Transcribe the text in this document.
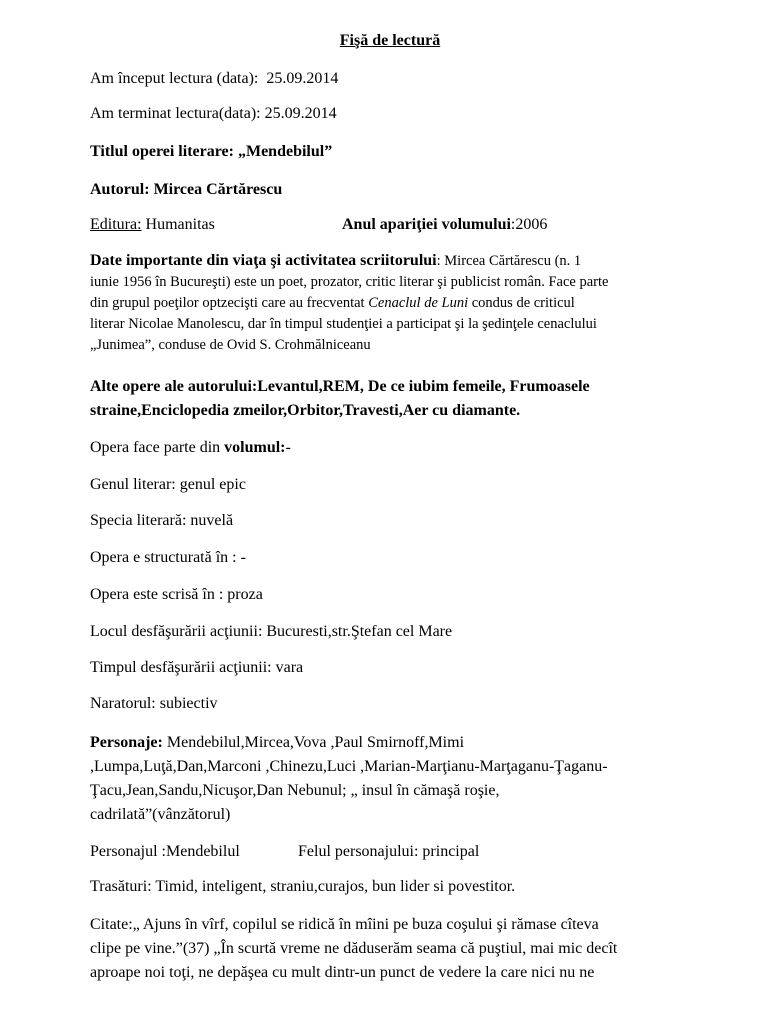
Fişă de lectură
Am început lectura (data): 25.09.2014
Am terminat lectura(data): 25.09.2014
Titlul operei literare: „Mendebilul”
Autorul: Mircea Cărtărescu
Editura: Humanitas	Anul apariţiei volumului:2006
Date importante din viaţa şi activitatea scriitorului: Mircea Cărtărescu (n. 1
iunie 1956 în Bucureşti) este un poet, prozator, critic literar şi publicist român. Face parte
din grupul poeţilor optzecişti care au frecventat Cenaclul de Luni condus de criticul
literar Nicolae Manolescu, dar în timpul studenţiei a participat şi la şedinţele cenaclului
„Junimea”, conduse de Ovid S. Crohmălniceanu
Alte opere ale autorului:Levantul,REM, De ce iubim femeile, Frumoasele
straine,Enciclopedia zmeilor,Orbitor,Travesti,Aer cu diamante.
Opera face parte din volumul:-
Genul literar: genul epic
Specia literară: nuvelă
Opera e structurată în : -
Opera este scrisă în : proza
Locul desfăşurării acţiunii: Bucuresti,str.Ştefan cel Mare
Timpul desfăşurării acţiunii: vara
Naratorul: subiectiv
Personaje: Mendebilul,Mircea,Vova ,Paul Smirnoff,Mimi
,Lumpa,Luţă,Dan,Marconi ,Chinezu,Luci ,Marian-Marţianu-Marţaganu-Ţaganu-
Ţacu,Jean,Sandu,Nicuşor,Dan Nebunul; „ insul în cămaşă roşie,
cadrilată”(vânzătorul)
Personajul :Mendebilul	Felul personajului: principal
Trasături: Timid, inteligent, straniu,curajos, bun lider si povestitor.
Citate:„ Ajuns în vîrf, copilul se ridică în mîini pe buza coşului şi rămase cîteva
clipe pe vine.”(37) „În scurtă vreme ne dăduserăm seama că puştiul, mai mic decît
aproape noi toţi, ne depăşea cu mult dintr-un punct de vedere la care nici nu ne
